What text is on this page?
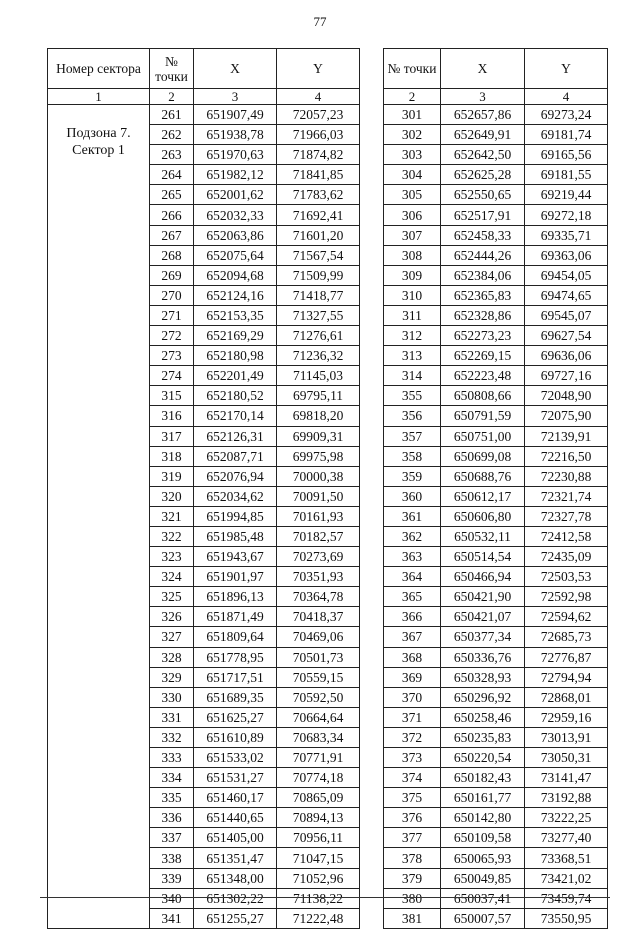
77
Номер сектора	№ точки	X	Y
1	2	3	4

Подзона 7.
Сектор 1	261	651907,49	72057,23
	262	651938,78	71966,03
	263	651970,63	71874,82
	264	651982,12	71841,85
	265	652001,62	71783,62
	266	652032,33	71692,41
	267	652063,86	71601,20
	268	652075,64	71567,54
	269	652094,68	71509,99
	270	652124,16	71418,77
	271	652153,35	71327,55
	272	652169,29	71276,61
	273	652180,98	71236,32
	274	652201,49	71145,03
	315	652180,52	69795,11
	316	652170,14	69818,20
	317	652126,31	69909,31
	318	652087,71	69975,98
	319	652076,94	70000,38
	320	652034,62	70091,50
	321	651994,85	70161,93
	322	651985,48	70182,57
	323	651943,67	70273,69
	324	651901,97	70351,93
	325	651896,13	70364,78
	326	651871,49	70418,37
	327	651809,64	70469,06
	328	651778,95	70501,73
	329	651717,51	70559,15
	330	651689,35	70592,50
	331	651625,27	70664,64
	332	651610,89	70683,34
	333	651533,02	70771,91
	334	651531,27	70774,18
	335	651460,17	70865,09
	336	651440,65	70894,13
	337	651405,00	70956,11
	338	651351,47	71047,15
	339	651348,00	71052,96
	340	651302,22	71138,22
	341	651255,27	71222,48
№ точки	X	Y
2	3	4
301	652657,86	69273,24
302	652649,91	69181,74
303	652642,50	69165,56
304	652625,28	69181,55
305	652550,65	69219,44
306	652517,91	69272,18
307	652458,33	69335,71
308	652444,26	69363,06
309	652384,06	69454,05
310	652365,83	69474,65
311	652328,86	69545,07
312	652273,23	69627,54
313	652269,15	69636,06
314	652223,48	69727,16
355	650808,66	72048,90
356	650791,59	72075,90
357	650751,00	72139,91
358	650699,08	72216,50
359	650688,76	72230,88
360	650612,17	72321,74
361	650606,80	72327,78
362	650532,11	72412,58
363	650514,54	72435,09
364	650466,94	72503,53
365	650421,90	72592,98
366	650421,07	72594,62
367	650377,34	72685,73
368	650336,76	72776,87
369	650328,93	72794,94
370	650296,92	72868,01
371	650258,46	72959,16
372	650235,83	73013,91
373	650220,54	73050,31
374	650182,43	73141,47
375	650161,77	73192,88
376	650142,80	73222,25
377	650109,58	73277,40
378	650065,93	73368,51
379	650049,85	73421,02
380	650037,41	73459,74
381	650007,57	73550,95
